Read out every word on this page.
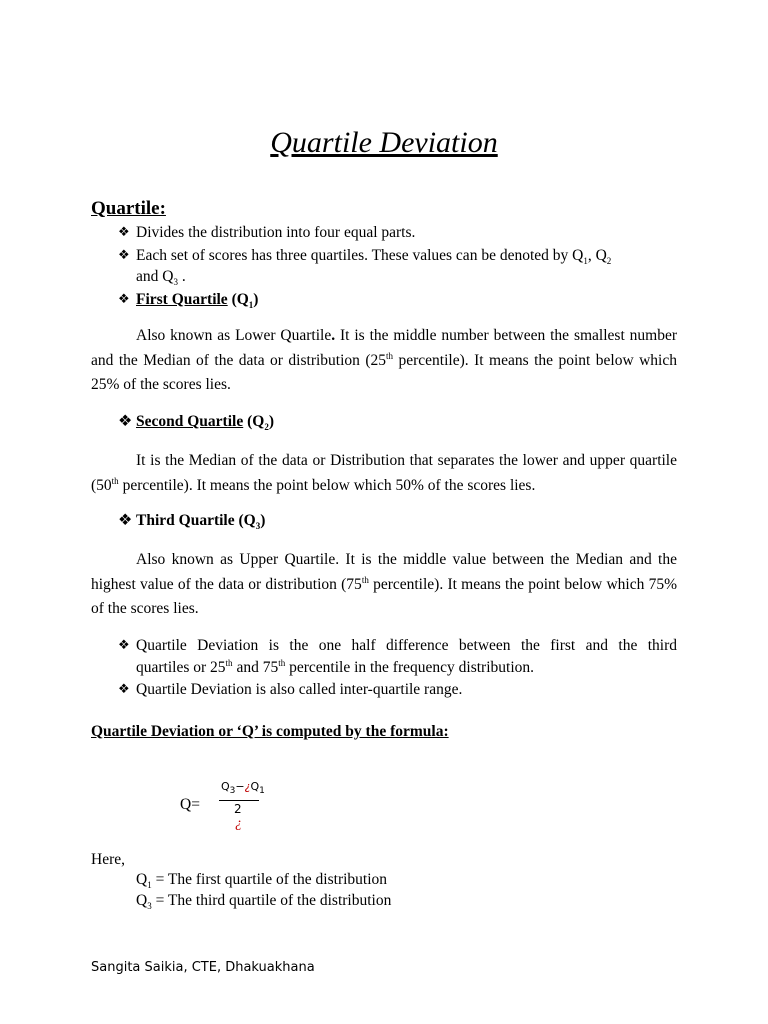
Quartile Deviation
Quartile:
❖ Divides the distribution into four equal parts.
❖ Each set of scores has three quartiles. These values can be denoted by $Q_1$, $Q_2$
and $Q_3$ .
❖ First Quartile $(Q_1)$
Also known as Lower Quartile. It is the middle number between the smallest number and the Median of the data or distribution (25th percentile). It means the point below which 25% of the scores lies.
❖ Second Quartile $(Q_2)$
It is the Median of the data or Distribution that separates the lower and upper quartile (50th percentile). It means the point below which 50% of the scores lies.
❖ Third Quartile $(Q_3)$
Also known as Upper Quartile. It is the middle value between the Median and the highest value of the data or distribution (75th percentile). It means the point below which 75% of the scores lies.
❖ Quartile Deviation is the one half difference between the first and the third
quartiles or 25th and 75th percentile in the frequency distribution.
❖ Quartile Deviation is also called inter-quartile range.
Quartile Deviation or ‘Q’ is computed by the formula:
Q=
$Q_3-¿Q_1$
2
¿
Here,
$Q_1$ = The first quartile of the distribution
$Q_3$ = The third quartile of the distribution
Sangita Saikia, CTE, Dhakuakhana
